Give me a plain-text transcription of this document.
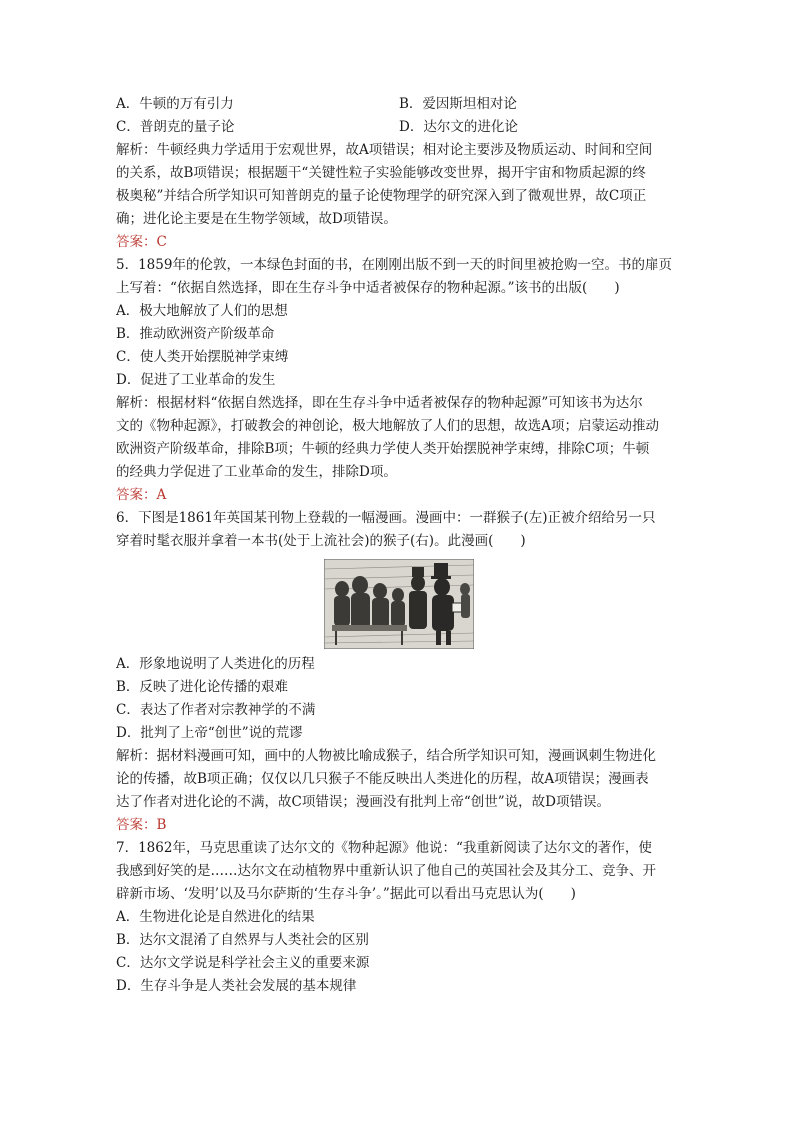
A．牛顿的万有引力	B．爱因斯坦相对论
C．普朗克的量子论	D．达尔文的进化论
解析：牛顿经典力学适用于宏观世界，故A项错误；相对论主要涉及物质运动、时间和空间
的关系，故B项错误；根据题干“关键性粒子实验能够改变世界，揭开宇宙和物质起源的终
极奥秘”并结合所学知识可知普朗克的量子论使物理学的研究深入到了微观世界，故C项正
确；进化论主要是在生物学领域，故D项错误。
答案：C
5．1859年的伦敦，一本绿色封面的书，在刚刚出版不到一天的时间里被抢购一空。书的扉页
上写着：“依据自然选择，即在生存斗争中适者被保存的物种起源。”该书的出版(　　)
A．极大地解放了人们的思想
B．推动欧洲资产阶级革命
C．使人类开始摆脱神学束缚
D．促进了工业革命的发生
解析：根据材料“依据自然选择，即在生存斗争中适者被保存的物种起源”可知该书为达尔
文的《物种起源》，打破教会的神创论，极大地解放了人们的思想，故选A项；启蒙运动推动
欧洲资产阶级革命，排除B项；牛顿的经典力学使人类开始摆脱神学束缚，排除C项；牛顿
的经典力学促进了工业革命的发生，排除D项。
答案：A
6．下图是1861年英国某刊物上登载的一幅漫画。漫画中：一群猴子(左)正被介绍给另一只
穿着时髦衣服并拿着一本书(处于上流社会)的猴子(右)。此漫画(　　)
A．形象地说明了人类进化的历程
B．反映了进化论传播的艰难
C．表达了作者对宗教神学的不满
D．批判了上帝“创世”说的荒谬
解析：据材料漫画可知，画中的人物被比喻成猴子，结合所学知识可知，漫画讽刺生物进化
论的传播，故B项正确；仅仅以几只猴子不能反映出人类进化的历程，故A项错误；漫画表
达了作者对进化论的不满，故C项错误；漫画没有批判上帝“创世”说，故D项错误。
答案：B
7．1862年，马克思重读了达尔文的《物种起源》他说：“我重新阅读了达尔文的著作，使
我感到好笑的是……达尔文在动植物界中重新认识了他自己的英国社会及其分工、竞争、开
辟新市场、‘发明’以及马尔萨斯的‘生存斗争’。”据此可以看出马克思认为(　　)
A．生物进化论是自然进化的结果
B．达尔文混淆了自然界与人类社会的区别
C．达尔文学说是科学社会主义的重要来源
D．生存斗争是人类社会发展的基本规律
